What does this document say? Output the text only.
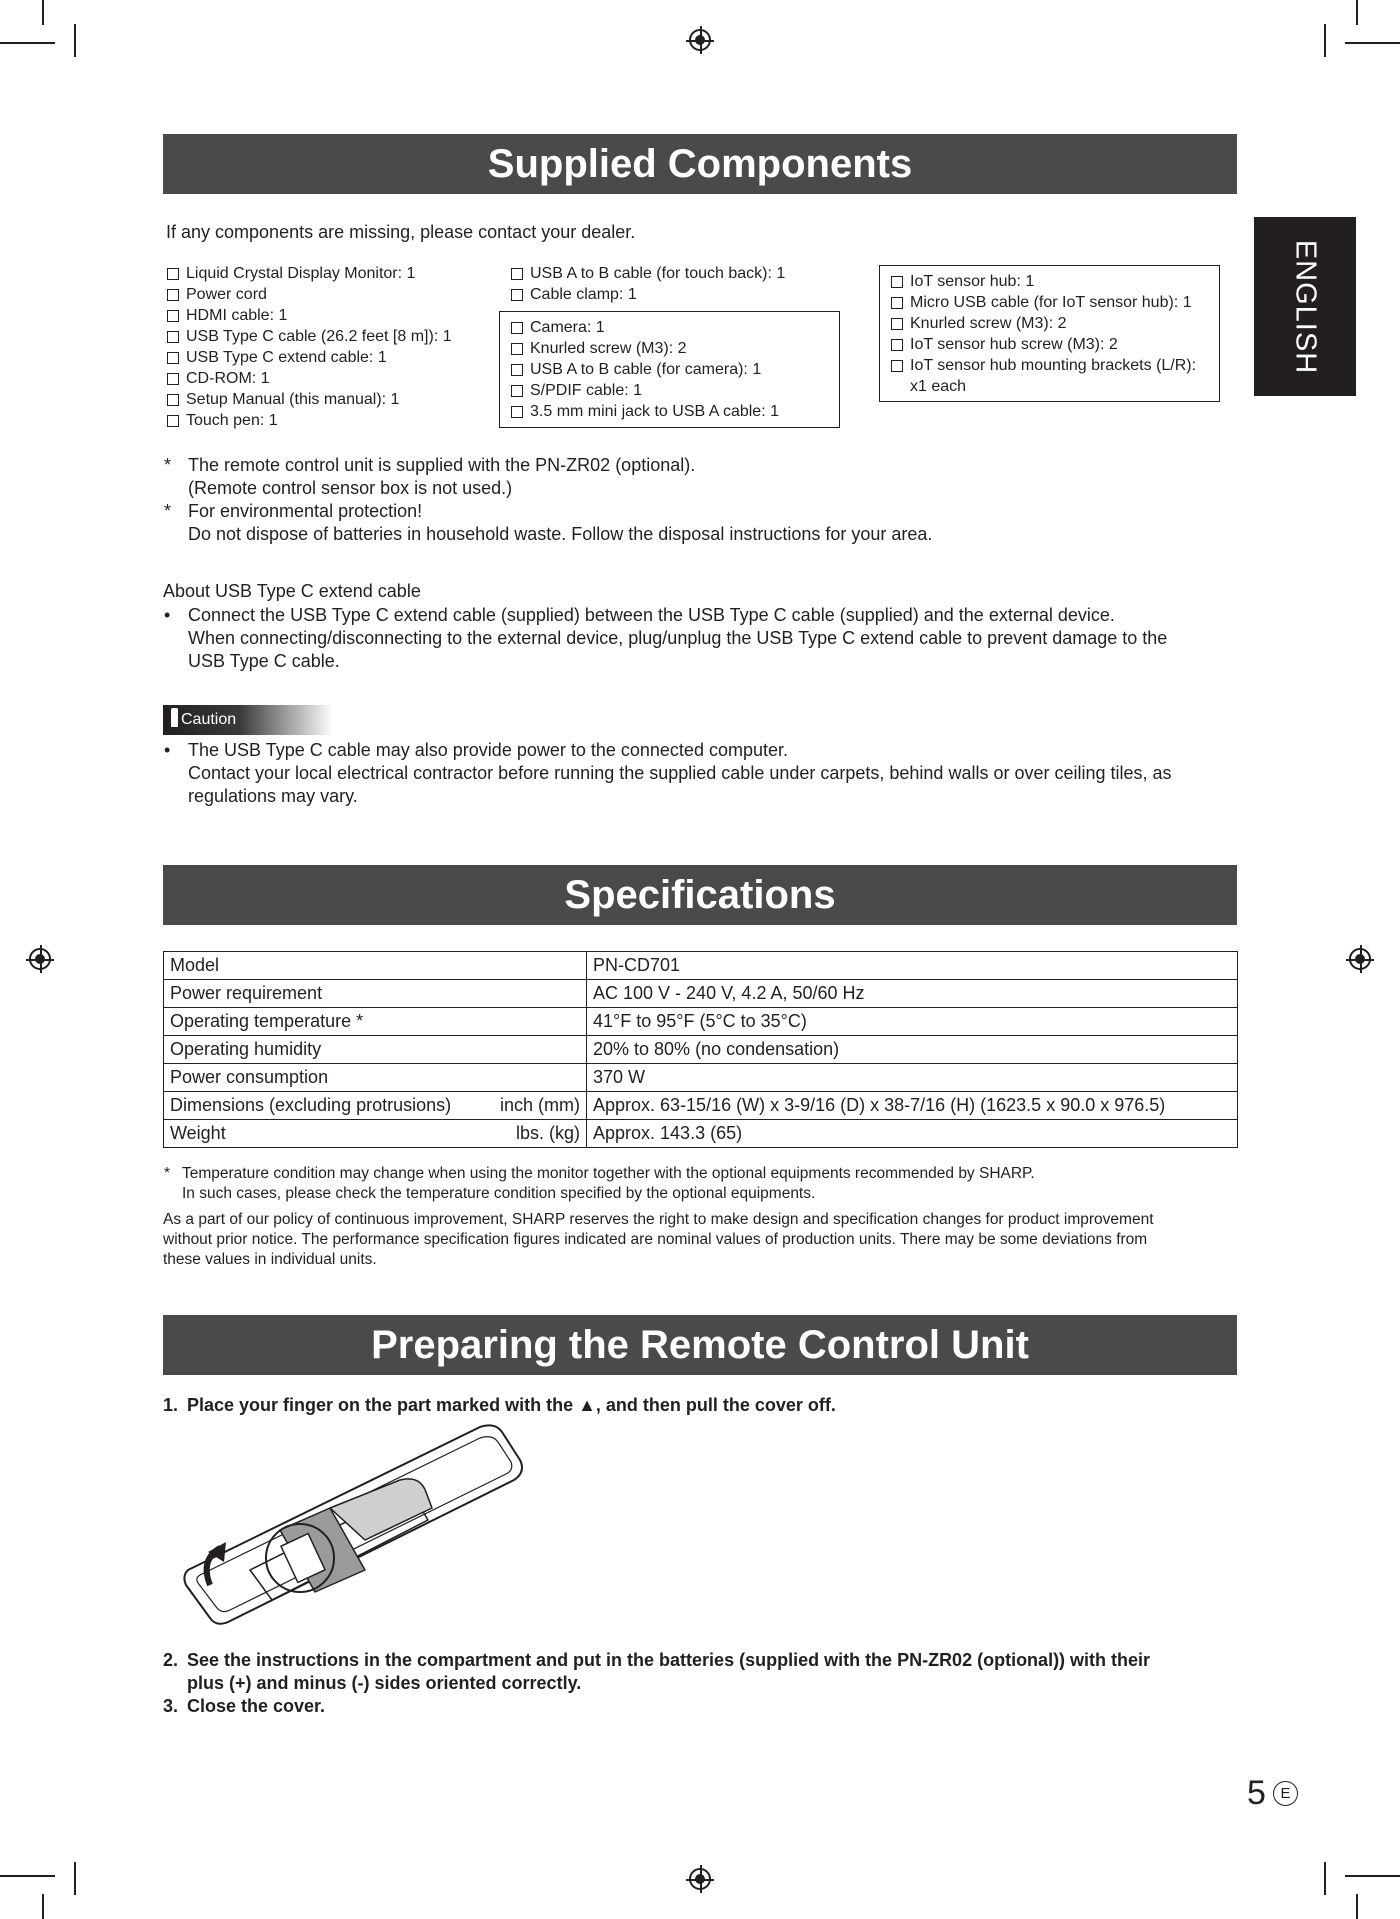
ENGLISH
Supplied Components
If any components are missing, please contact your dealer.
Liquid Crystal Display Monitor: 1
Power cord
HDMI cable: 1
USB Type C cable (26.2 feet [8 m]): 1
USB Type C extend cable: 1
CD-ROM: 1
Setup Manual (this manual): 1
Touch pen: 1
USB A to B cable (for touch back): 1
Cable clamp: 1
Camera: 1
Knurled screw (M3): 2
USB A to B cable (for camera): 1
S/PDIF cable: 1
3.5 mm mini jack to USB A cable: 1
IoT sensor hub: 1
Micro USB cable (for IoT sensor hub): 1
Knurled screw (M3): 2
IoT sensor hub screw (M3): 2
IoT sensor hub mounting brackets (L/R):
x1 each
* The remote control unit is supplied with the PN-ZR02 (optional).
(Remote control sensor box is not used.)
* For environmental protection!
Do not dispose of batteries in household waste. Follow the disposal instructions for your area.
About USB Type C extend cable
• Connect the USB Type C extend cable (supplied) between the USB Type C cable (supplied) and the external device.
When connecting/disconnecting to the external device, plug/unplug the USB Type C extend cable to prevent damage to the
USB Type C cable.
Caution
• The USB Type C cable may also provide power to the connected computer.
Contact your local electrical contractor before running the supplied cable under carpets, behind walls or over ceiling tiles, as
regulations may vary.
Specifications
Model	PN-CD701

Power requirement	AC 100 V - 240 V, 4.2 A, 50/60 Hz

Operating temperature *	41°F to 95°F (5°C to 35°C)

Operating humidity	20% to 80% (no condensation)

Power consumption	370 W

inch (mm)
Dimensions (excluding protrusions)	Approx. 63-15/16 (W) x 3-9/16 (D) x 38-7/16 (H) (1623.5 x 90.0 x 976.5)

lbs. (kg)
Weight	Approx. 143.3 (65)
* Temperature condition may change when using the monitor together with the optional equipments recommended by SHARP.
In such cases, please check the temperature condition specified by the optional equipments.
As a part of our policy of continuous improvement, SHARP reserves the right to make design and specification changes for product improvement
without prior notice. The performance specification figures indicated are nominal values of production units. There may be some deviations from
these values in individual units.
Preparing the Remote Control Unit
1. Place your finger on the part marked with the ▲, and then pull the cover off.
2. See the instructions in the compartment and put in the batteries (supplied with the PN-ZR02 (optional)) with their
plus (+) and minus (-) sides oriented correctly.
3. Close the cover.
5 E
